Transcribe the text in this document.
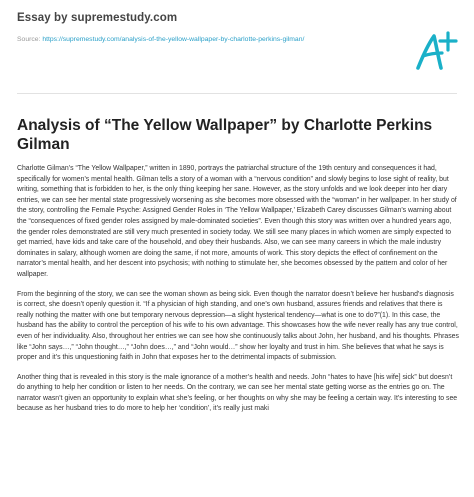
Essay by supremestudy.com

Source: https://supremestudy.com/analysis-of-the-yellow-wallpaper-by-charlotte-perkins-gilman/
Analysis of “The Yellow Wallpaper” by Charlotte Perkins Gilman

Charlotte Gilman’s “The Yellow Wallpaper,” written in 1890, portrays the patriarchal structure of the 19th century and consequences it had, specifically for women’s mental health. Gilman tells a story of a woman with a “nervous condition” and slowly begins to lose sight of reality, but writing, something that is forbidden to her, is the only thing keeping her sane. However, as the story unfolds and we look deeper into her diary entries, we can see her mental state progressively worsening as she becomes more obsessed with the “woman” in her wallpaper. In her study of the story, controlling the Female Psyche: Assigned Gender Roles in ‘The Yellow Wallpaper,’ Elizabeth Carey discusses Gilman’s warning about the “consequences of fixed gender roles assigned by male-dominated societies”. Even though this story was written over a hundred years ago, the gender roles demonstrated are still very much presented in society today. We still see many places in which women are simply expected to get married, have kids and take care of the household, and obey their husbands. Also, we can see many careers in which the male industry dominates in salary, although women are doing the same, if not more, amounts of work. This story depicts the effect of confinement on the narrator’s mental health, and her descent into psychosis; with nothing to stimulate her, she becomes obsessed by the pattern and color of her wallpaper.

From the beginning of the story, we can see the woman shown as being sick. Even though the narrator doesn’t believe her husband’s diagnosis is correct, she doesn’t openly question it. “If a physician of high standing, and one’s own husband, assures friends and relatives that there is really nothing the matter with one but temporary nervous depression—a slight hysterical tendency—what is one to do?”(1). In this case, the husband has the ability to control the perception of his wife to his own advantage. This showcases how the wife never really has any true control, even of her individuality. Also, throughout her entries we can see how she continuously talks about John, her husband, and his thoughts. Phrases like “John says…,” “John thought…,” “John does…,” and “John would…” show her loyalty and trust in him. She believes that what he says is proper and it’s this unquestioning faith in John that exposes her to the detrimental impacts of submission.

Another thing that is revealed in this story is the male ignorance of a mother’s health and needs. John “hates to have [his wife] sick” but doesn’t do anything to help her condition or listen to her needs. On the contrary, we can see her mental state getting worse as the entries go on. The narrator wasn’t given an opportunity to explain what she’s feeling, or her thoughts on why she may be feeling a certain way. It’s interesting to see because as her husband tries to do more to help her ‘condition’, it’s really just maki
